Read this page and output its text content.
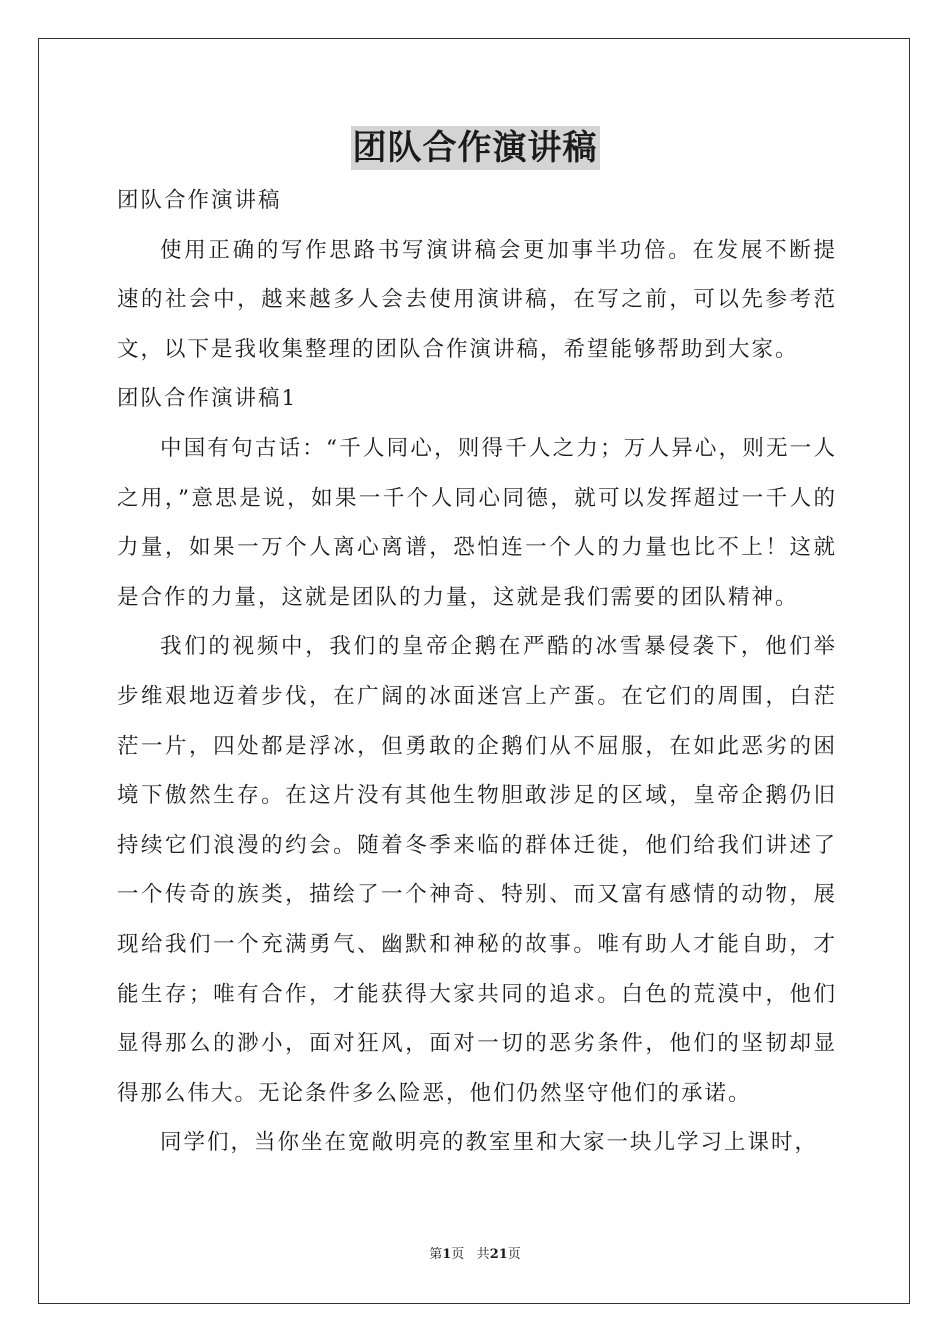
团队合作演讲稿

团队合作演讲稿

使用正确的写作思路书写演讲稿会更加事半功倍。在发展不断提速的社会中，越来越多人会去使用演讲稿，在写之前，可以先参考范文，以下是我收集整理的团队合作演讲稿，希望能够帮助到大家。

团队合作演讲稿1

中国有句古话：“千人同心，则得千人之力；万人异心，则无一人之用，”意思是说，如果一千个人同心同德，就可以发挥超过一千人的力量，如果一万个人离心离谱，恐怕连一个人的力量也比不上！这就是合作的力量，这就是团队的力量，这就是我们需要的团队精神。

我们的视频中，我们的皇帝企鹅在严酷的冰雪暴侵袭下，他们举步维艰地迈着步伐，在广阔的冰面迷宫上产蛋。在它们的周围，白茫茫一片，四处都是浮冰，但勇敢的企鹅们从不屈服，在如此恶劣的困境下傲然生存。在这片没有其他生物胆敢涉足的区域，皇帝企鹅仍旧持续它们浪漫的约会。随着冬季来临的群体迁徙，他们给我们讲述了一个传奇的族类，描绘了一个神奇、特别、而又富有感情的动物，展现给我们一个充满勇气、幽默和神秘的故事。唯有助人才能自助，才能生存；唯有合作，才能获得大家共同的追求。白色的荒漠中，他们显得那么的渺小，面对狂风，面对一切的恶劣条件，他们的坚韧却显得那么伟大。无论条件多么险恶，他们仍然坚守他们的承诺。

同学们，当你坐在宽敞明亮的教室里和大家一块儿学习上课时，

第1页 共21页
